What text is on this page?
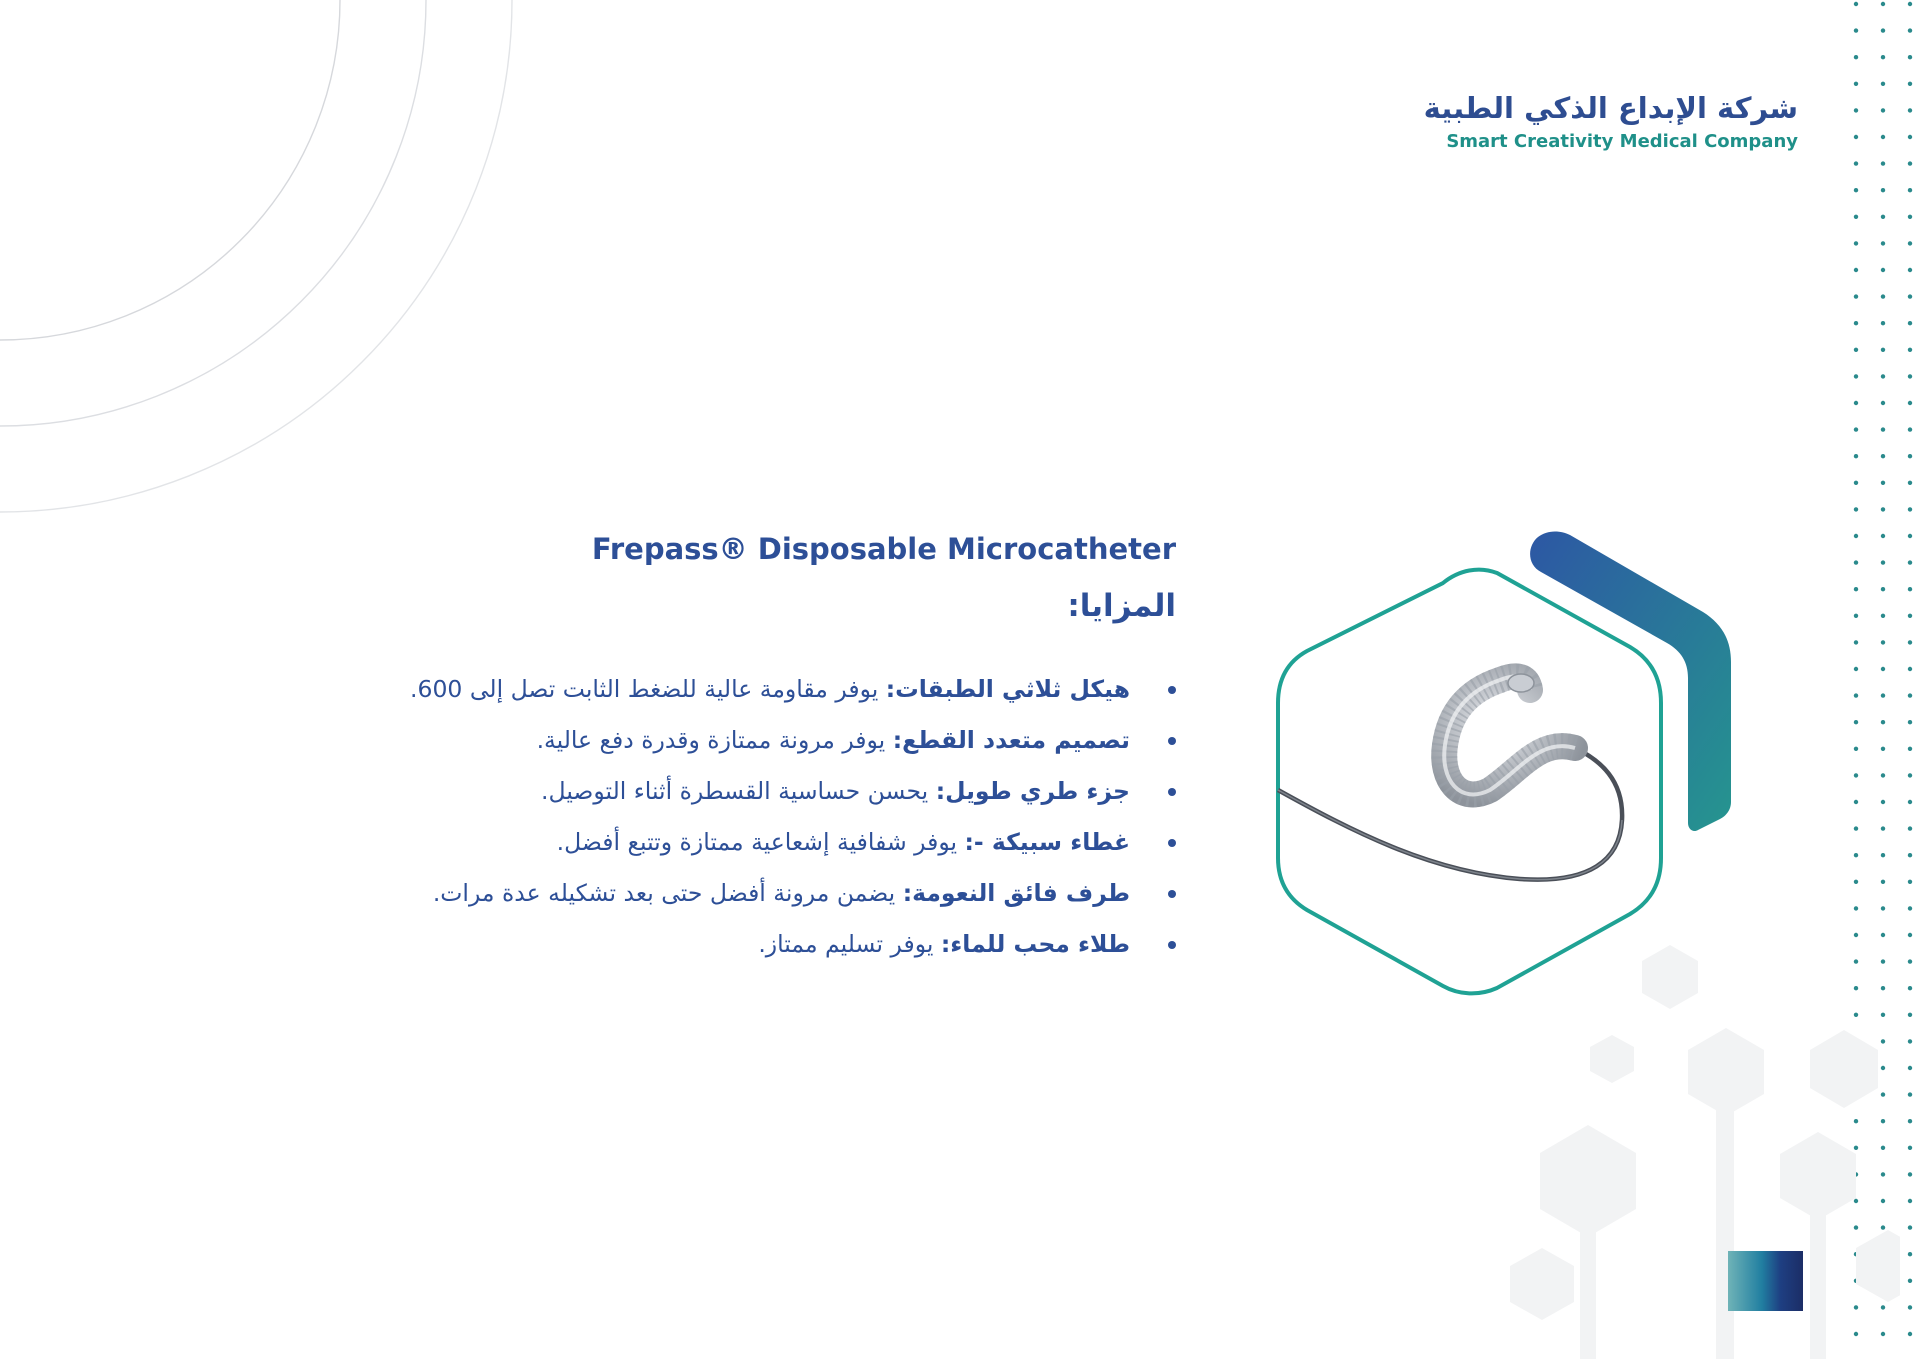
شركة الإبداع الذكي الطبية
Smart Creativity Medical Company
Frepass® Disposable Microcatheter
المزايا:
هيكل ثلاثي الطبقات: يوفر مقاومة عالية للضغط الثابت تصل إلى 600.
تصميم متعدد القطع: يوفر مرونة ممتازة وقدرة دفع عالية.
جزء طري طويل: يحسن حساسية القسطرة أثناء التوصيل.
غطاء سبيكة -: يوفر شفافية إشعاعية ممتازة وتتبع أفضل.
طرف فائق النعومة: يضمن مرونة أفضل حتى بعد تشكيله عدة مرات.
طلاء محب للماء: يوفر تسليم ممتاز.
